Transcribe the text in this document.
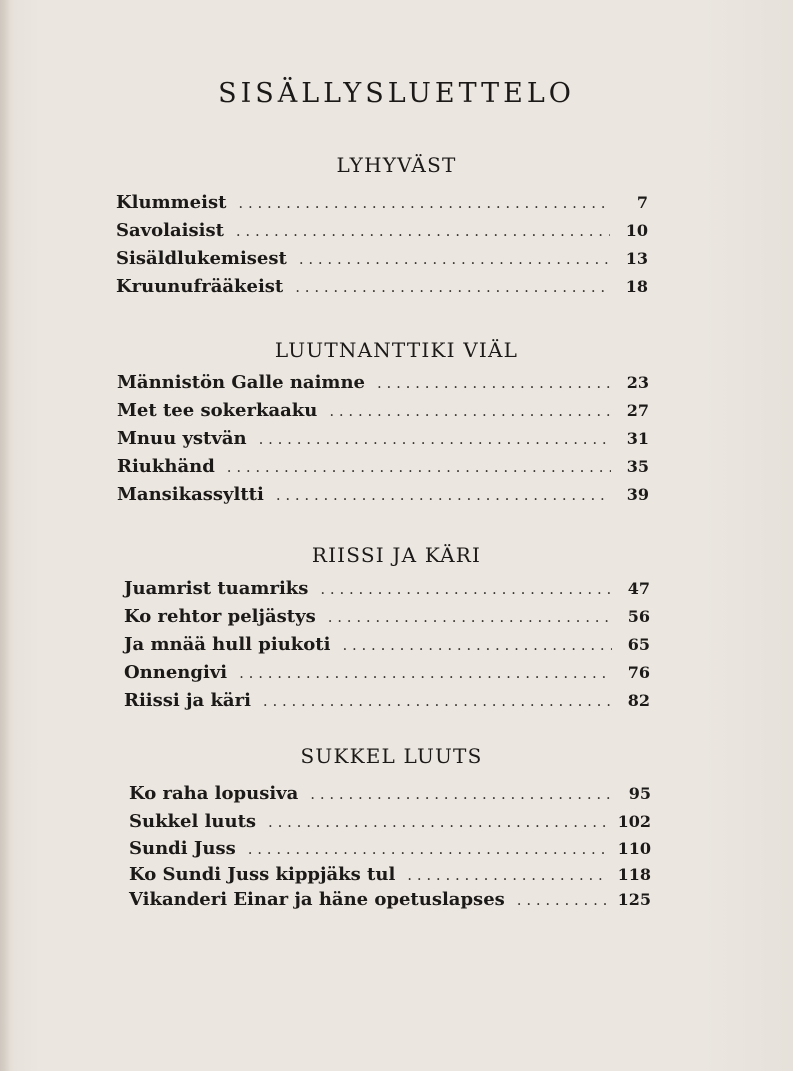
SISÄLLYSLUETTELO
LYHYVÄST
Klummeist . . .	7
Savolaisist . . .	10
Sisäldlukemisest . . .	13
Kruunufrääkeist . . .	18
LUUTNANTTIKI VIÄL
Männistön Galle naimne . . .	23
Met tee sokerkaaku . . .	27
Mnuu ystvän . . .	31
Riukhänd . . .	35
Mansikassyltti . . .	39
RIISSI JA KÄRI
Juamrist tuamriks . . .	47
Ko rehtor peljästys . . .	56
Ja mnää hull piukoti . . .	65
Onnengivi . . .	76
Riissi ja käri . . .	82
SUKKEL LUUTS
Ko raha lopusiva . . .	95
Sukkel luuts . . .	102
Sundi Juss . . .	110
Ko Sundi Juss kippjäks tul . . .	118
Vikanderi Einar ja häne opetuslapses . . .	125
